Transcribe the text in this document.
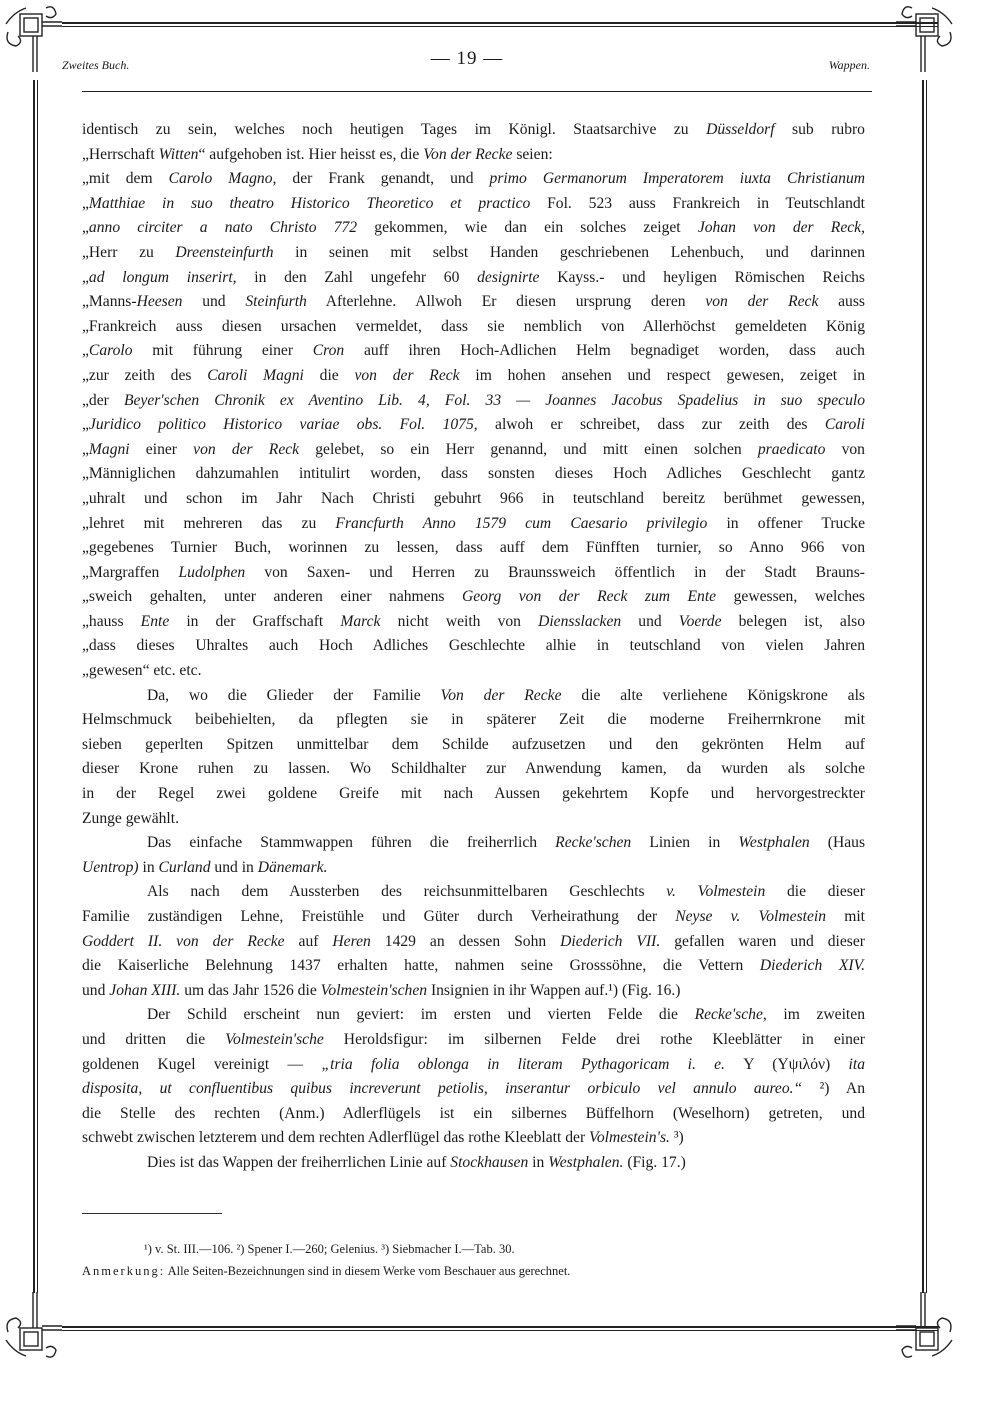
Zweites Buch.	— 19 —	Wappen.
identisch zu sein, welches noch heutigen Tages im Königl. Staatsarchive zu Düsseldorf sub rubro
„Herrschaft Witten“ aufgehoben ist. Hier heisst es, die Von der Recke seien:
„mit dem Carolo Magno, der Frank genandt, und primo Germanorum Imperatorem iuxta Christianum
„Matthiae in suo theatro Historico Theoretico et practico Fol. 523 auss Frankreich in Teutschlandt
„anno circiter a nato Christo 772 gekommen, wie dan ein solches zeiget Johan von der Reck,
„Herr zu Dreensteinfurth in seinen mit selbst Handen geschriebenen Lehenbuch, und darinnen
„ad longum inserirt, in den Zahl ungefehr 60 designirte Kayss.- und heyligen Römischen Reichs
„Manns-Heesen und Steinfurth Afterlehne. Allwoh Er diesen ursprung deren von der Reck auss
„Frankreich auss diesen ursachen vermeldet, dass sie nemblich von Allerhöchst gemeldeten König
„Carolo mit führung einer Cron auff ihren Hoch-Adlichen Helm begnadiget worden, dass auch
„zur zeith des Caroli Magni die von der Reck im hohen ansehen und respect gewesen, zeiget in
„der Beyer'schen Chronik ex Aventino Lib. 4, Fol. 33 — Joannes Jacobus Spadelius in suo speculo
„Juridico politico Historico variae obs. Fol. 1075, alwoh er schreibet, dass zur zeith des Caroli
„Magni einer von der Reck gelebet, so ein Herr genannd, und mitt einen solchen praedicato von
„Männiglichen dahzumahlen intitulirt worden, dass sonsten dieses Hoch Adliches Geschlecht gantz
„uhralt und schon im Jahr Nach Christi gebuhrt 966 in teutschland bereitz berühmet gewessen,
„lehret mit mehreren das zu Francfurth Anno 1579 cum Caesario privilegio in offener Trucke
„gegebenes Turnier Buch, worinnen zu lessen, dass auff dem Fünfften turnier, so Anno 966 von
„Margraffen Ludolphen von Saxen- und Herren zu Braunssweich öffentlich in der Stadt Brauns-
„sweich gehalten, unter anderen einer nahmens Georg von der Reck zum Ente gewessen, welches
„hauss Ente in der Graffschaft Marck nicht weith von Diensslacken und Voerde belegen ist, also
„dass dieses Uhraltes auch Hoch Adliches Geschlechte alhie in teutschland von vielen Jahren
„gewesen“ etc. etc.
Da, wo die Glieder der Familie Von der Recke die alte verliehene Königskrone als
Helmschmuck beibehielten, da pflegten sie in späterer Zeit die moderne Freiherrnkrone mit
sieben geperlten Spitzen unmittelbar dem Schilde aufzusetzen und den gekrönten Helm auf
dieser Krone ruhen zu lassen. Wo Schildhalter zur Anwendung kamen, da wurden als solche
in der Regel zwei goldene Greife mit nach Aussen gekehrtem Kopfe und hervorgestreckter
Zunge gewählt.
Das einfache Stammwappen führen die freiherrlich Recke'schen Linien in Westphalen (Haus
Uentrop) in Curland und in Dänemark.
Als nach dem Aussterben des reichsunmittelbaren Geschlechts v. Volmestein die dieser
Familie zuständigen Lehne, Freistühle und Güter durch Verheirathung der Neyse v. Volmestein mit
Goddert II. von der Recke auf Heren 1429 an dessen Sohn Diederich VII. gefallen waren und dieser
die Kaiserliche Belehnung 1437 erhalten hatte, nahmen seine Grosssöhne, die Vettern Diederich XIV.
und Johan XIII. um das Jahr 1526 die Volmestein'schen Insignien in ihr Wappen auf.¹) (Fig. 16.)
Der Schild erscheint nun geviert: im ersten und vierten Felde die Recke'sche, im zweiten
und dritten die Volmestein'sche Heroldsfigur: im silbernen Felde drei rothe Kleeblätter in einer
goldenen Kugel vereinigt — „tria folia oblonga in literam Pythagoricam i. e. Υ (Υψιλόν) ita
disposita, ut confluentibus quibus increverunt petiolis, inserantur orbiculo vel annulo aureo.“ ²) An
die Stelle des rechten (Anm.) Adlerflügels ist ein silbernes Büffelhorn (Weselhorn) getreten, und
schwebt zwischen letzterem und dem rechten Adlerflügel das rothe Kleeblatt der Volmestein's. ³)
Dies ist das Wappen der freiherrlichen Linie auf Stockhausen in Westphalen. (Fig. 17.)
¹) v. St. III.—106. ²) Spener I.—260; Gelenius. ³) Siebmacher I.—Tab. 30.
Anmerkung: Alle Seiten-Bezeichnungen sind in diesem Werke vom Beschauer aus gerechnet.
